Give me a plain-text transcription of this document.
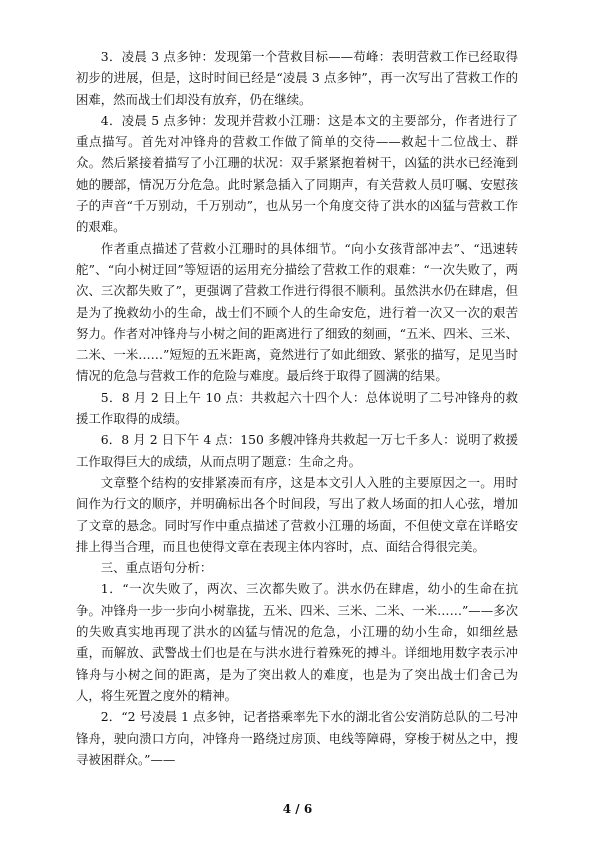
3．凌晨 3 点多钟：发现第一个营救目标——苟峰：表明营救工作已经取得初步的进展，但是，这时时间已经是“凌晨 3 点多钟”，再一次写出了营救工作的困难，然而战士们却没有放弃，仍在继续。

4．凌晨 5 点多钟：发现并营救小江珊：这是本文的主要部分，作者进行了重点描写。首先对冲锋舟的营救工作做了简单的交待——救起十二位战士、群众。然后紧接着描写了小江珊的状况：双手紧紧抱着树干，凶猛的洪水已经淹到她的腰部，情况万分危急。此时紧急插入了同期声，有关营救人员叮嘱、安慰孩子的声音“千万别动，千万别动”，也从另一个角度交待了洪水的凶猛与营救工作的艰难。

作者重点描述了营救小江珊时的具体细节。“向小女孩背部冲去”、“迅速转舵”、“向小树迂回”等短语的运用充分描绘了营救工作的艰难：“一次失败了，两次、三次都失败了”，更强调了营救工作进行得很不顺利。虽然洪水仍在肆虐，但是为了挽救幼小的生命，战士们不顾个人的生命安危，进行着一次又一次的艰苦努力。作者对冲锋舟与小树之间的距离进行了细致的刻画，“五米、四米、三米、二米、一米……”短短的五米距离，竟然进行了如此细致、紧张的描写，足见当时情况的危急与营救工作的危险与难度。最后终于取得了圆满的结果。

5．8 月 2 日上午 10 点：共救起六十四个人：总体说明了二号冲锋舟的救援工作取得的成绩。

6．8 月 2 日下午 4 点：150 多艘冲锋舟共救起一万七千多人：说明了救援工作取得巨大的成绩，从而点明了题意：生命之舟。

文章整个结构的安排紧凑而有序，这是本文引人入胜的主要原因之一。用时间作为行文的顺序，并明确标出各个时间段，写出了救人场面的扣人心弦，增加了文章的悬念。同时写作中重点描述了营救小江珊的场面，不但使文章在详略安排上得当合理，而且也使得文章在表现主体内容时，点、面结合得很完美。

三、重点语句分析：

1．“一次失败了，两次、三次都失败了。洪水仍在肆虐，幼小的生命在抗争。冲锋舟一步一步向小树靠拢，五米、四米、三米、二米、一米……”——多次的失败真实地再现了洪水的凶猛与情况的危急，小江珊的幼小生命，如细丝悬重，而解放、武警战士们也是在与洪水进行着殊死的搏斗。详细地用数字表示冲锋舟与小树之间的距离，是为了突出救人的难度，也是为了突出战士们舍己为人，将生死置之度外的精神。

2．“2 号凌晨 1 点多钟，记者搭乘率先下水的湖北省公安消防总队的二号冲锋舟，驶向溃口方向，冲锋舟一路绕过房顶、电线等障碍，穿梭于树丛之中，搜寻被困群众。”——

4 / 6
